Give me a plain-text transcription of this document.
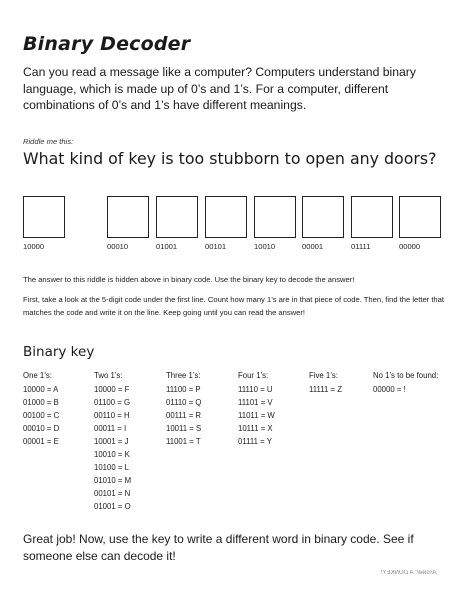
Binary Decoder

Can you read a message like a computer? Computers understand binary language, which is made up of 0’s and 1’s. For a computer, different combinations of 0’s and 1’s have different meanings.

Riddle me this:
What kind of key is too stubborn to open any doors?
10000	00010	01001	00101	10010	00001	01111	00000

The answer to this riddle is hidden above in binary code. Use the binary key to decode the answer!

First, take a look at the 5-digit code under the first line. Count how many 1’s are in that piece of code. Then, find the letter that matches the code and write it on the line. Keep going until you can read the answer!

Binary key
One 1’s:
10000 = A
01000 = B
00100 = C
00010 = D
00001 = E
Two 1’s:
10000 = F
01100 = G
00110 = H
00011 = I
10001 = J
10010 = K
10100 = L
01010 = M
00101 = N
01001 = O
Three 1’s:
11100 = P
01110 = Q
00111 = R
10011 = S
11001 = T
Four 1’s:
11110 = U
11101 = V
11011 = W
10111 = X
01111 = Y
Five 1’s:
11111 = Z
No 1’s to be found:
00000 = !

Great job! Now, use the key to write a different word in binary code. See if someone else can decode it!

Answer: A DONKEY!
